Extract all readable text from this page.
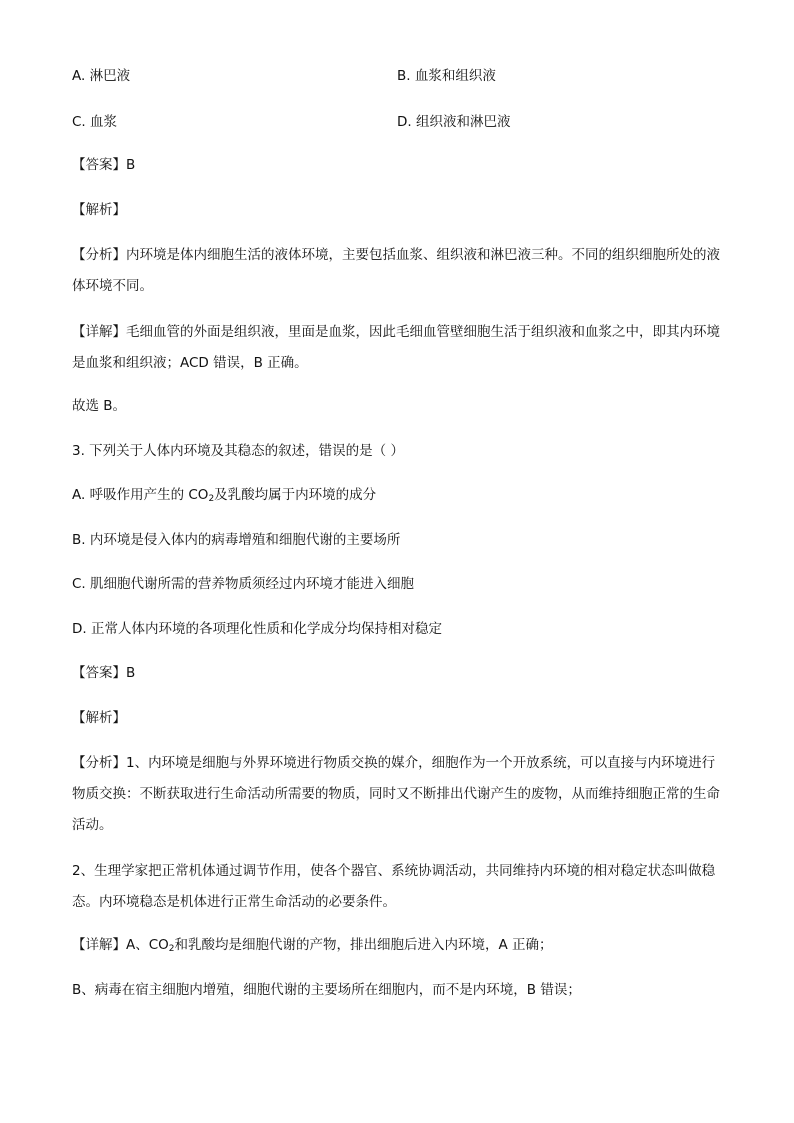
A. 淋巴液	B. 血浆和组织液
C. 血浆	D. 组织液和淋巴液
【答案】B
【解析】
【分析】内环境是体内细胞生活的液体环境，主要包括血浆、组织液和淋巴液三种。不同的组织细胞所处的液体环境不同。
【详解】毛细血管的外面是组织液，里面是血浆，因此毛细血管壁细胞生活于组织液和血浆之中，即其内环境是血浆和组织液；ACD 错误，B 正确。
故选 B。
3. 下列关于人体内环境及其稳态的叙述，错误的是（ ）
A. 呼吸作用产生的 $CO_2$及乳酸均属于内环境的成分
B. 内环境是侵入体内的病毒增殖和细胞代谢的主要场所
C. 肌细胞代谢所需的营养物质须经过内环境才能进入细胞
D. 正常人体内环境的各项理化性质和化学成分均保持相对稳定
【答案】B
【解析】
【分析】1、内环境是细胞与外界环境进行物质交换的媒介，细胞作为一个开放系统，可以直接与内环境进行物质交换：不断获取进行生命活动所需要的物质，同时又不断排出代谢产生的废物，从而维持细胞正常的生命活动。
2、生理学家把正常机体通过调节作用，使各个器官、系统协调活动，共同维持内环境的相对稳定状态叫做稳态。内环境稳态是机体进行正常生命活动的必要条件。
【详解】A、$CO_2$和乳酸均是细胞代谢的产物，排出细胞后进入内环境，A 正确；
B、病毒在宿主细胞内增殖，细胞代谢的主要场所在细胞内，而不是内环境，B 错误；
